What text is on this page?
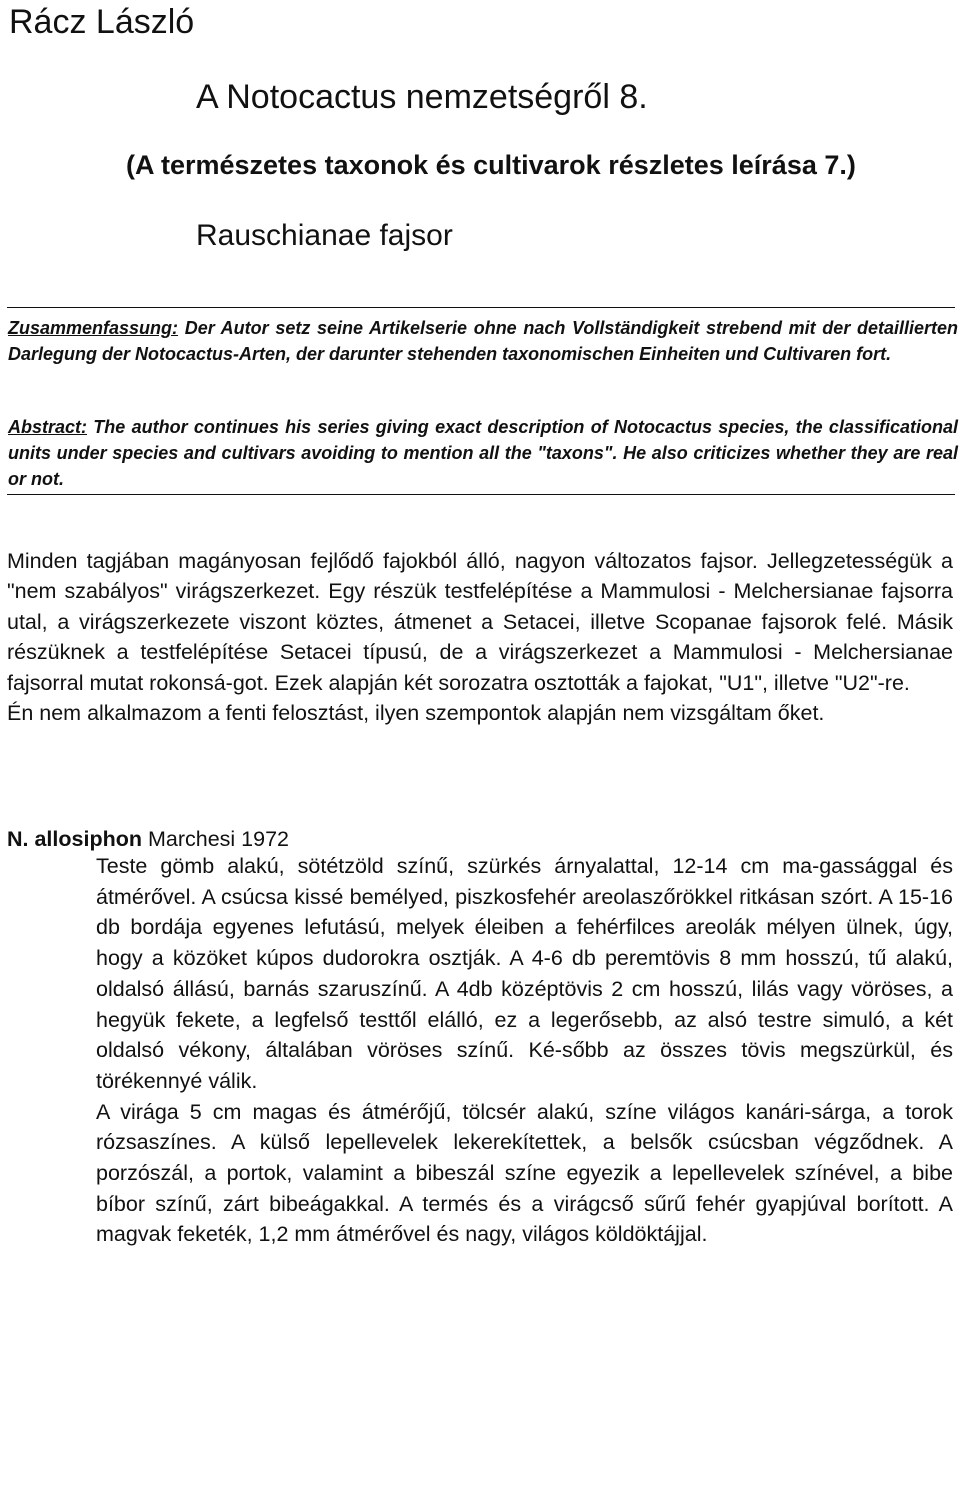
Rácz László
A Notocactus nemzetségről 8.
(A természetes taxonok és cultivarok részletes leírása 7.)
Rauschianae fajsor

Zusammenfassung: Der Autor setz seine Artikelserie ohne nach Vollständigkeit strebend mit der detaillierten Darlegung der Notocactus-Arten, der darunter stehenden taxonomischen Einheiten und Cultivaren fort.

Abstract: The author continues his series giving exact description of Notocactus species, the classificational units under species and cultivars avoiding to mention all the "taxons". He also criticizes whether they are real or not.

Minden tagjában magányosan fejlődő fajokból álló, nagyon változatos fajsor. Jellegzetességük a "nem szabályos" virágszerkezet. Egy részük testfelépítése a Mammulosi - Melchersianae fajsorra utal, a virágszerkezete viszont köztes, átmenet a Setacei, illetve Scopanae fajsorok felé. Másik részüknek a testfelépítése Setacei típusú, de a virágszerkezet a Mammulosi - Melchersianae fajsorral mutat rokonsá-got. Ezek alapján két sorozatra osztották a fajokat, "U1", illetve "U2"-re.

Én nem alkalmazom a fenti felosztást, ilyen szempontok alapján nem vizsgáltam őket.

N. allosiphon Marchesi 1972

Teste gömb alakú, sötétzöld színű, szürkés árnyalattal, 12-14 cm ma-gassággal és átmérővel. A csúcsa kissé bemélyed, piszkosfehér areolaszőrökkel ritkásan szórt. A 15-16 db bordája egyenes lefutású, melyek éleiben a fehérfilces areolák mélyen ülnek, úgy, hogy a közöket kúpos dudorokra osztják. A 4-6 db peremtövis 8 mm hosszú, tű alakú, oldalsó állású, barnás szaruszínű. A 4db középtövis 2 cm hosszú, lilás vagy vöröses, a hegyük fekete, a legfelső testtől elálló, ez a legerősebb, az alsó testre simuló, a két oldalsó vékony, általában vöröses színű. Ké-sőbb az összes tövis megszürkül, és törékennyé válik.

A virága 5 cm magas és átmérőjű, tölcsér alakú, színe világos kanári-sárga, a torok rózsaszínes. A külső lepellevelek lekerekítettek, a belsők csúcsban végződnek. A porzószál, a portok, valamint a bibeszál színe egyezik a lepellevelek színével, a bibe bíbor színű, zárt bibeágakkal. A termés és a virágcső sűrű fehér gyapjúval borított. A magvak feketék, 1,2 mm átmérővel és nagy, világos köldöktájjal.
